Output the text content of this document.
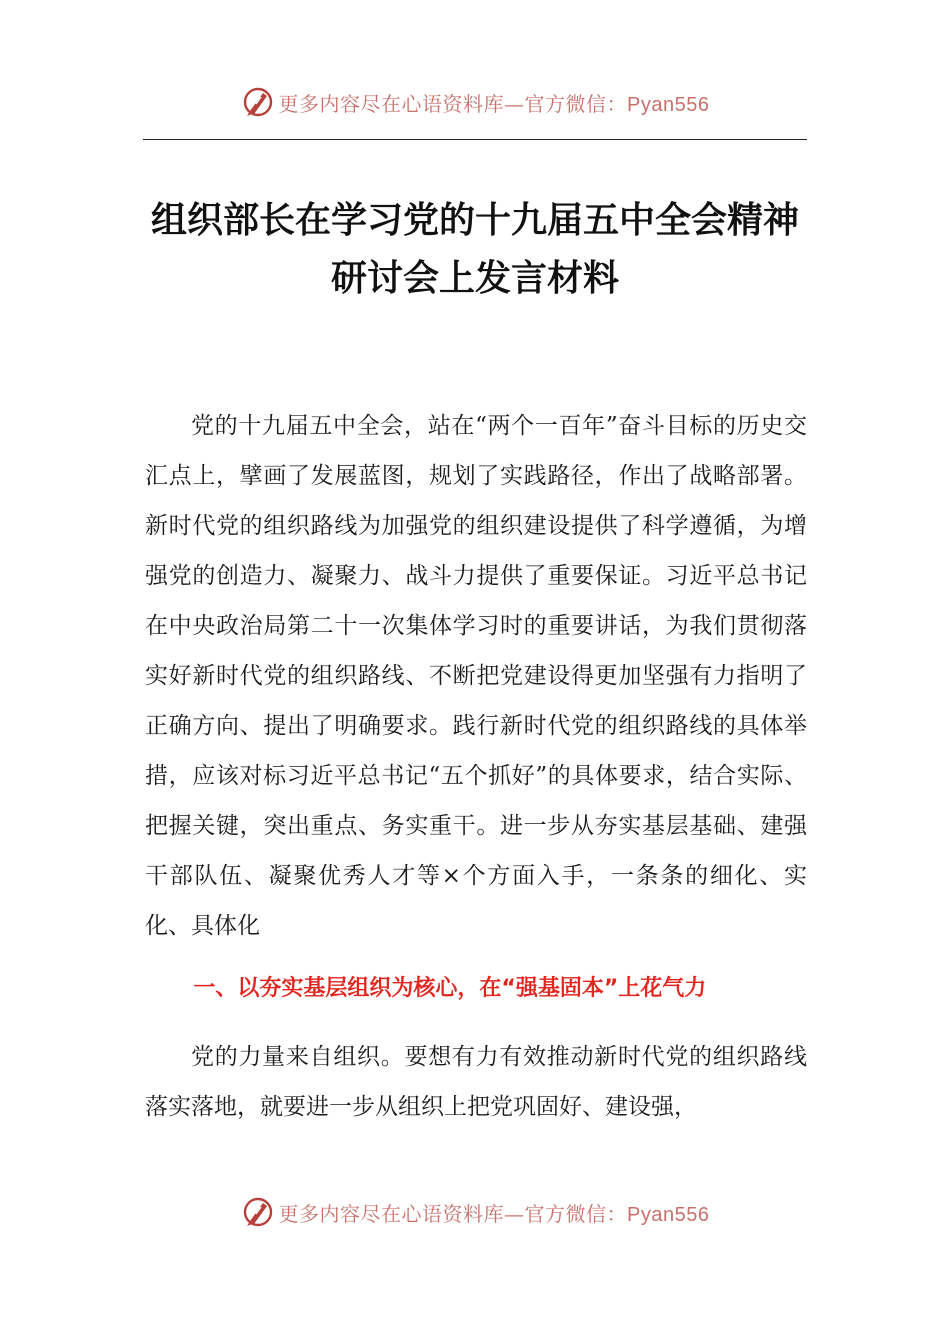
更多内容尽在心语资料库—官方微信：Pyan556
组织部长在学习党的十九届五中全会精神
研讨会上发言材料

党的十九届五中全会，站在“两个一百年”奋斗目标的历史交汇点上，擘画了发展蓝图，规划了实践路径，作出了战略部署。新时代党的组织路线为加强党的组织建设提供了科学遵循，为增强党的创造力、凝聚力、战斗力提供了重要保证。习近平总书记在中央政治局第二十一次集体学习时的重要讲话，为我们贯彻落实好新时代党的组织路线、不断把党建设得更加坚强有力指明了正确方向、提出了明确要求。践行新时代党的组织路线的具体举措，应该对标习近平总书记“五个抓好”的具体要求，结合实际、把握关键，突出重点、务实重干。进一步从夯实基层基础、建强干部队伍、凝聚优秀人才等×个方面入手，一条条的细化、实化、具体化

一、以夯实基层组织为核心，在“强基固本”上花气力

党的力量来自组织。要想有力有效推动新时代党的组织路线落实落地，就要进一步从组织上把党巩固好、建设强，

更多内容尽在心语资料库—官方微信：Pyan556
